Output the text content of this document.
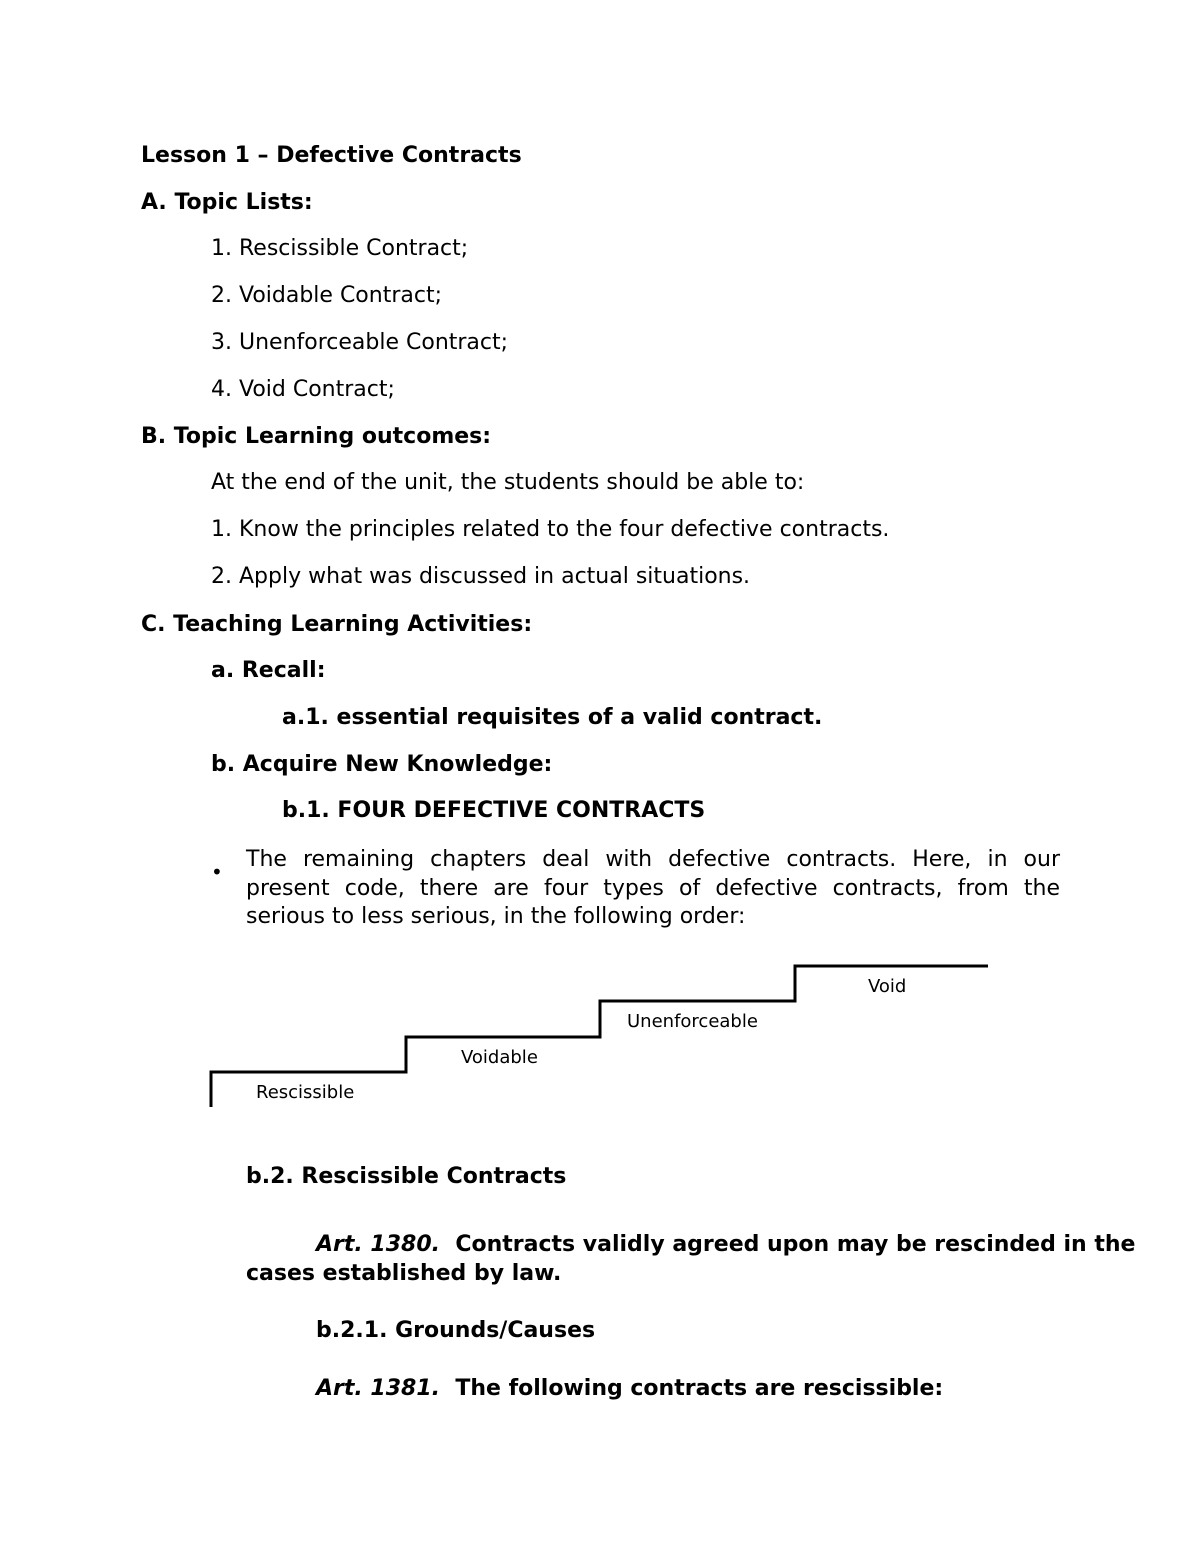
Lesson 1 – Defective Contracts
A. Topic Lists:
1. Rescissible Contract;
2. Voidable Contract;
3. Unenforceable Contract;
4. Void Contract;
B. Topic Learning outcomes:
At the end of the unit, the students should be able to:
1. Know the principles related to the four defective contracts.
2. Apply what was discussed in actual situations.
C. Teaching Learning Activities:
a. Recall:
a.1. essential requisites of a valid contract.
b. Acquire New Knowledge:
b.1. FOUR DEFECTIVE CONTRACTS
• The remaining chapters deal with defective contracts. Here, in our present code, there are four types of defective contracts, from the serious to less serious, in the following order:
Rescissible
Voidable
Unenforceable
Void
b.2. Rescissible Contracts
Art. 1380. Contracts validly agreed upon may be rescinded in the
cases established by law.
b.2.1. Grounds/Causes
Art. 1381. The following contracts are rescissible:
